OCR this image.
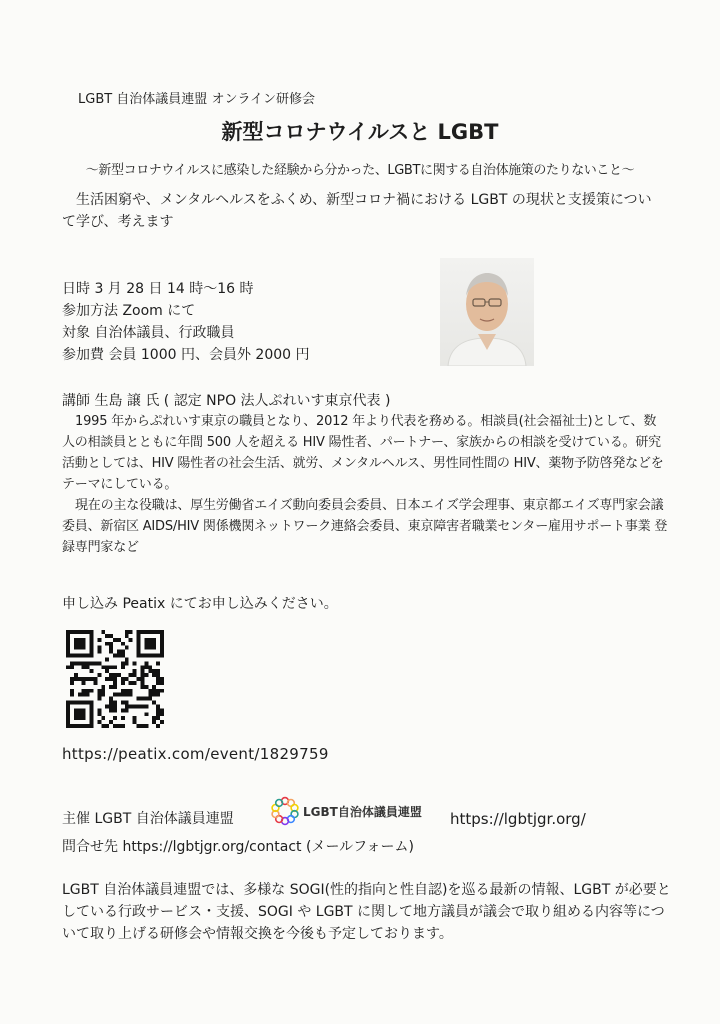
LGBT 自治体議員連盟 オンライン研修会
新型コロナウイルスと LGBT
～新型コロナウイルスに感染した経験から分かった、LGBTに関する自治体施策のたりないこと～
生活困窮や、メンタルヘルスをふくめ、新型コロナ禍における LGBT の現状と支援策について学び、考えます
日時 3 月 28 日 14 時～16 時
参加方法 Zoom にて
対象 自治体議員、行政職員
参加費 会員 1000 円、会員外 2000 円
講師 生島 譲 氏 ( 認定 NPO 法人ぷれいす東京代表 )

1995 年からぷれいす東京の職員となり、2012 年より代表を務める。相談員(社会福祉士)として、数人の相談員とともに年間 500 人を超える HIV 陽性者、パートナー、家族からの相談を受けている。研究活動としては、HIV 陽性者の社会生活、就労、メンタルヘルス、男性同性間の HIV、薬物予防啓発などをテーマにしている。

現在の主な役職は、厚生労働省エイズ動向委員会委員、日本エイズ学会理事、東京都エイズ専門家会議委員、新宿区 AIDS/HIV 関係機関ネットワーク連絡会委員、東京障害者職業センター雇用サポート事業 登録専門家など

申し込み Peatix にてお申し込みください。
https://peatix.com/event/1829759
主催 LGBT 自治体議員連盟	LGBT自治体議員連盟 https://lgbtjgr.org/
問合せ先 https://lgbtjgr.org/contact (メールフォーム)
LGBT 自治体議員連盟では、多様な SOGI(性的指向と性自認)を巡る最新の情報、LGBT が必要としている行政サービス・支援、SOGI や LGBT に関して地方議員が議会で取り組める内容等について取り上げる研修会や情報交換を今後も予定しております。
